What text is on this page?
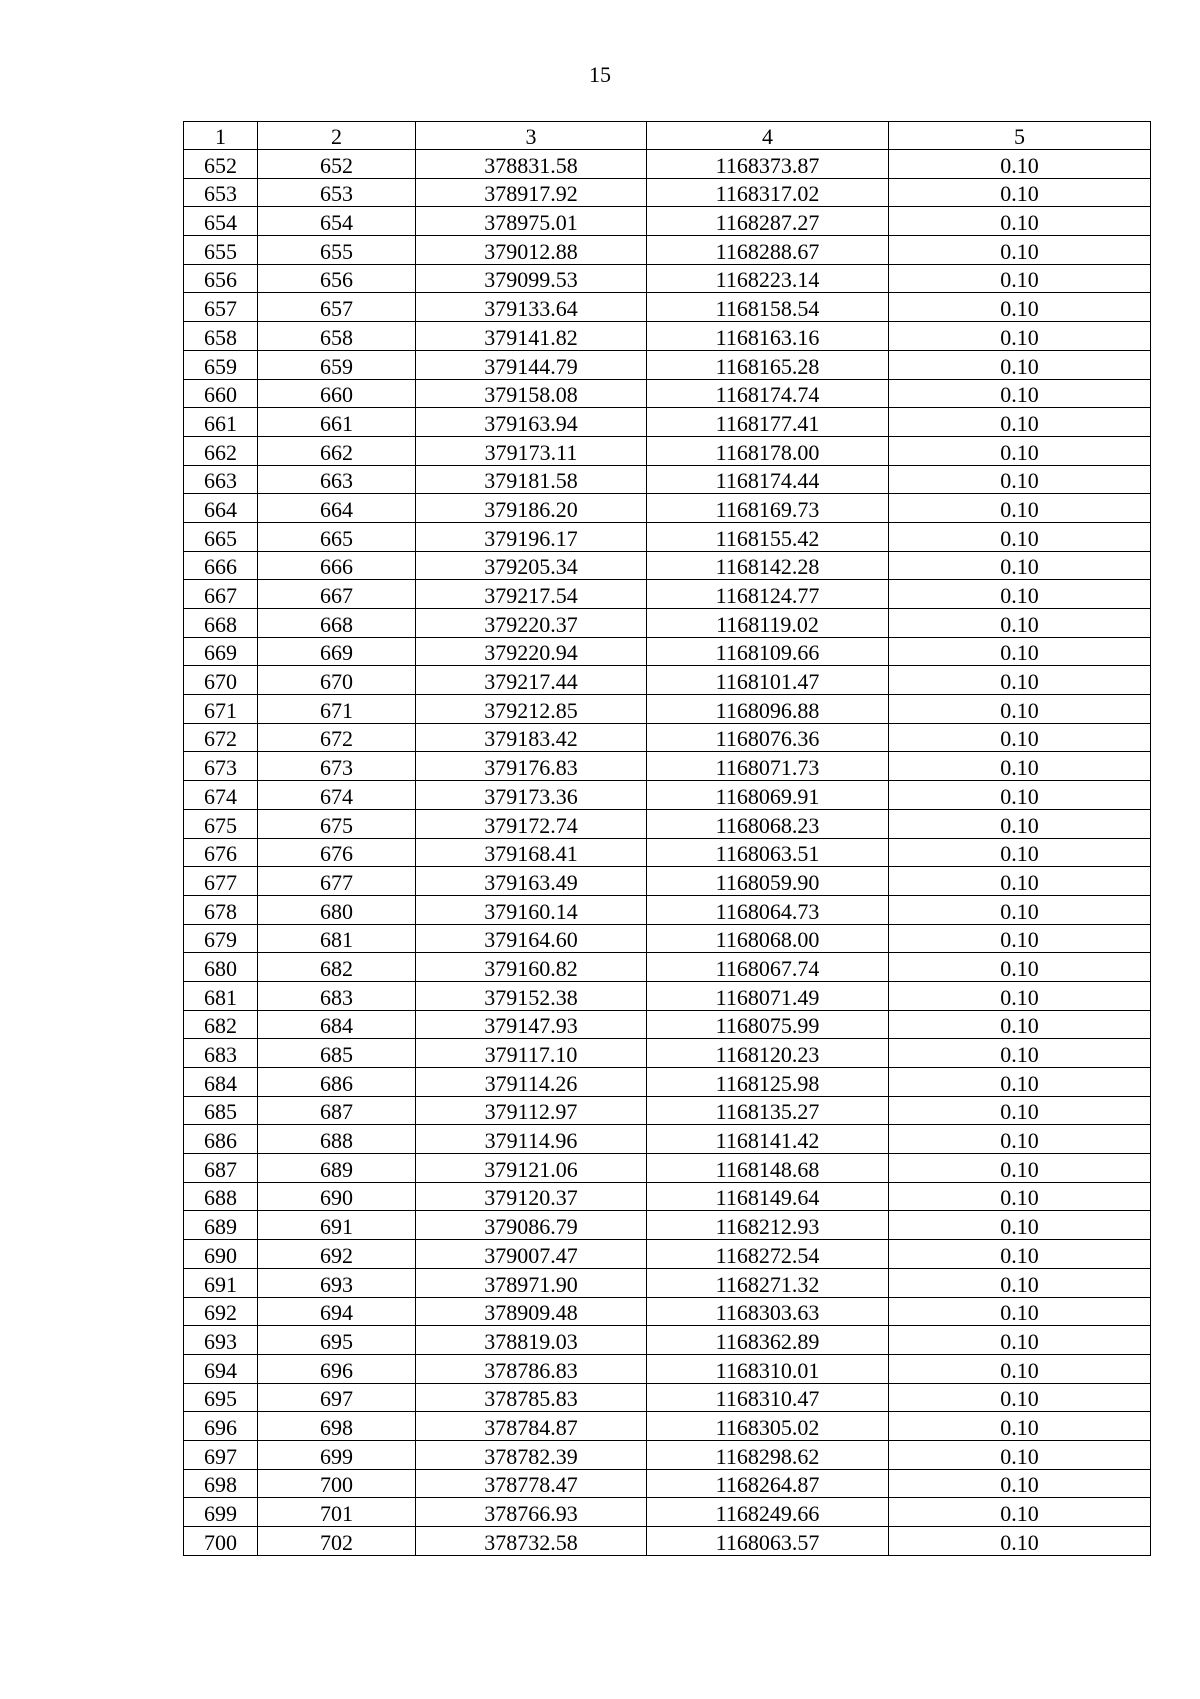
15
1	2	3	4	5
652	652	378831.58	1168373.87	0.10
653	653	378917.92	1168317.02	0.10
654	654	378975.01	1168287.27	0.10
655	655	379012.88	1168288.67	0.10
656	656	379099.53	1168223.14	0.10
657	657	379133.64	1168158.54	0.10
658	658	379141.82	1168163.16	0.10
659	659	379144.79	1168165.28	0.10
660	660	379158.08	1168174.74	0.10
661	661	379163.94	1168177.41	0.10
662	662	379173.11	1168178.00	0.10
663	663	379181.58	1168174.44	0.10
664	664	379186.20	1168169.73	0.10
665	665	379196.17	1168155.42	0.10
666	666	379205.34	1168142.28	0.10
667	667	379217.54	1168124.77	0.10
668	668	379220.37	1168119.02	0.10
669	669	379220.94	1168109.66	0.10
670	670	379217.44	1168101.47	0.10
671	671	379212.85	1168096.88	0.10
672	672	379183.42	1168076.36	0.10
673	673	379176.83	1168071.73	0.10
674	674	379173.36	1168069.91	0.10
675	675	379172.74	1168068.23	0.10
676	676	379168.41	1168063.51	0.10
677	677	379163.49	1168059.90	0.10
678	680	379160.14	1168064.73	0.10
679	681	379164.60	1168068.00	0.10
680	682	379160.82	1168067.74	0.10
681	683	379152.38	1168071.49	0.10
682	684	379147.93	1168075.99	0.10
683	685	379117.10	1168120.23	0.10
684	686	379114.26	1168125.98	0.10
685	687	379112.97	1168135.27	0.10
686	688	379114.96	1168141.42	0.10
687	689	379121.06	1168148.68	0.10
688	690	379120.37	1168149.64	0.10
689	691	379086.79	1168212.93	0.10
690	692	379007.47	1168272.54	0.10
691	693	378971.90	1168271.32	0.10
692	694	378909.48	1168303.63	0.10
693	695	378819.03	1168362.89	0.10
694	696	378786.83	1168310.01	0.10
695	697	378785.83	1168310.47	0.10
696	698	378784.87	1168305.02	0.10
697	699	378782.39	1168298.62	0.10
698	700	378778.47	1168264.87	0.10
699	701	378766.93	1168249.66	0.10
700	702	378732.58	1168063.57	0.10
